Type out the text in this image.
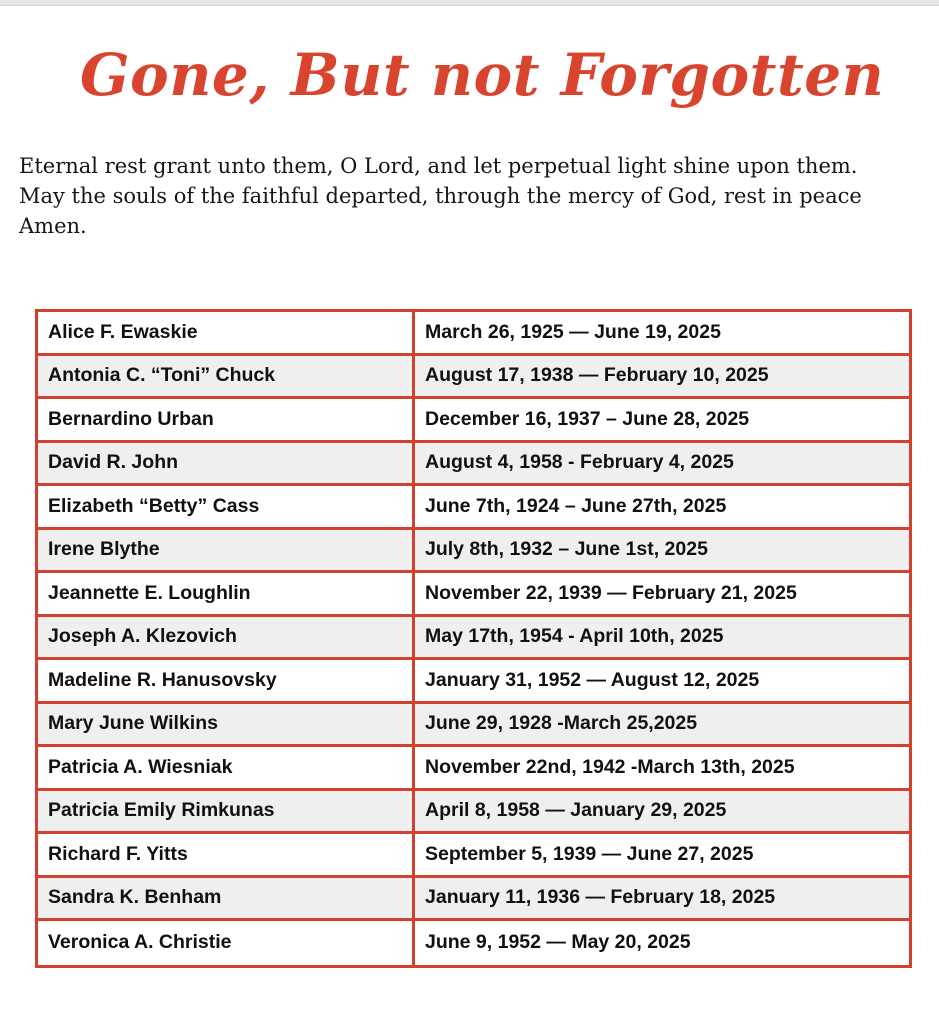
Gone, But not Forgotten
Eternal rest grant unto them, O Lord, and let perpetual light shine upon them. May the souls of the faithful departed, through the mercy of God, rest in peace Amen.
Alice F. Ewaskie	March 26, 1925 — June 19, 2025
Antonia C. “Toni” Chuck	August 17, 1938 — February 10, 2025
Bernardino Urban	December 16, 1937 – June 28, 2025
David R. John	August 4, 1958 - February 4, 2025
Elizabeth “Betty” Cass	June 7th, 1924 – June 27th, 2025
Irene Blythe	July 8th, 1932 – June 1st, 2025
Jeannette E. Loughlin	November 22, 1939 — February 21, 2025
Joseph A. Klezovich	May 17th, 1954 - April 10th, 2025
Madeline R. Hanusovsky	January 31, 1952 — August 12, 2025
Mary June Wilkins	June 29, 1928 -March 25,2025
Patricia A. Wiesniak	November 22nd, 1942 -March 13th, 2025
Patricia Emily Rimkunas	April 8, 1958 — January 29, 2025
Richard F. Yitts	September 5, 1939 — June 27, 2025
Sandra K. Benham	January 11, 1936 — February 18, 2025
Veronica A. Christie	June 9, 1952 — May 20, 2025
